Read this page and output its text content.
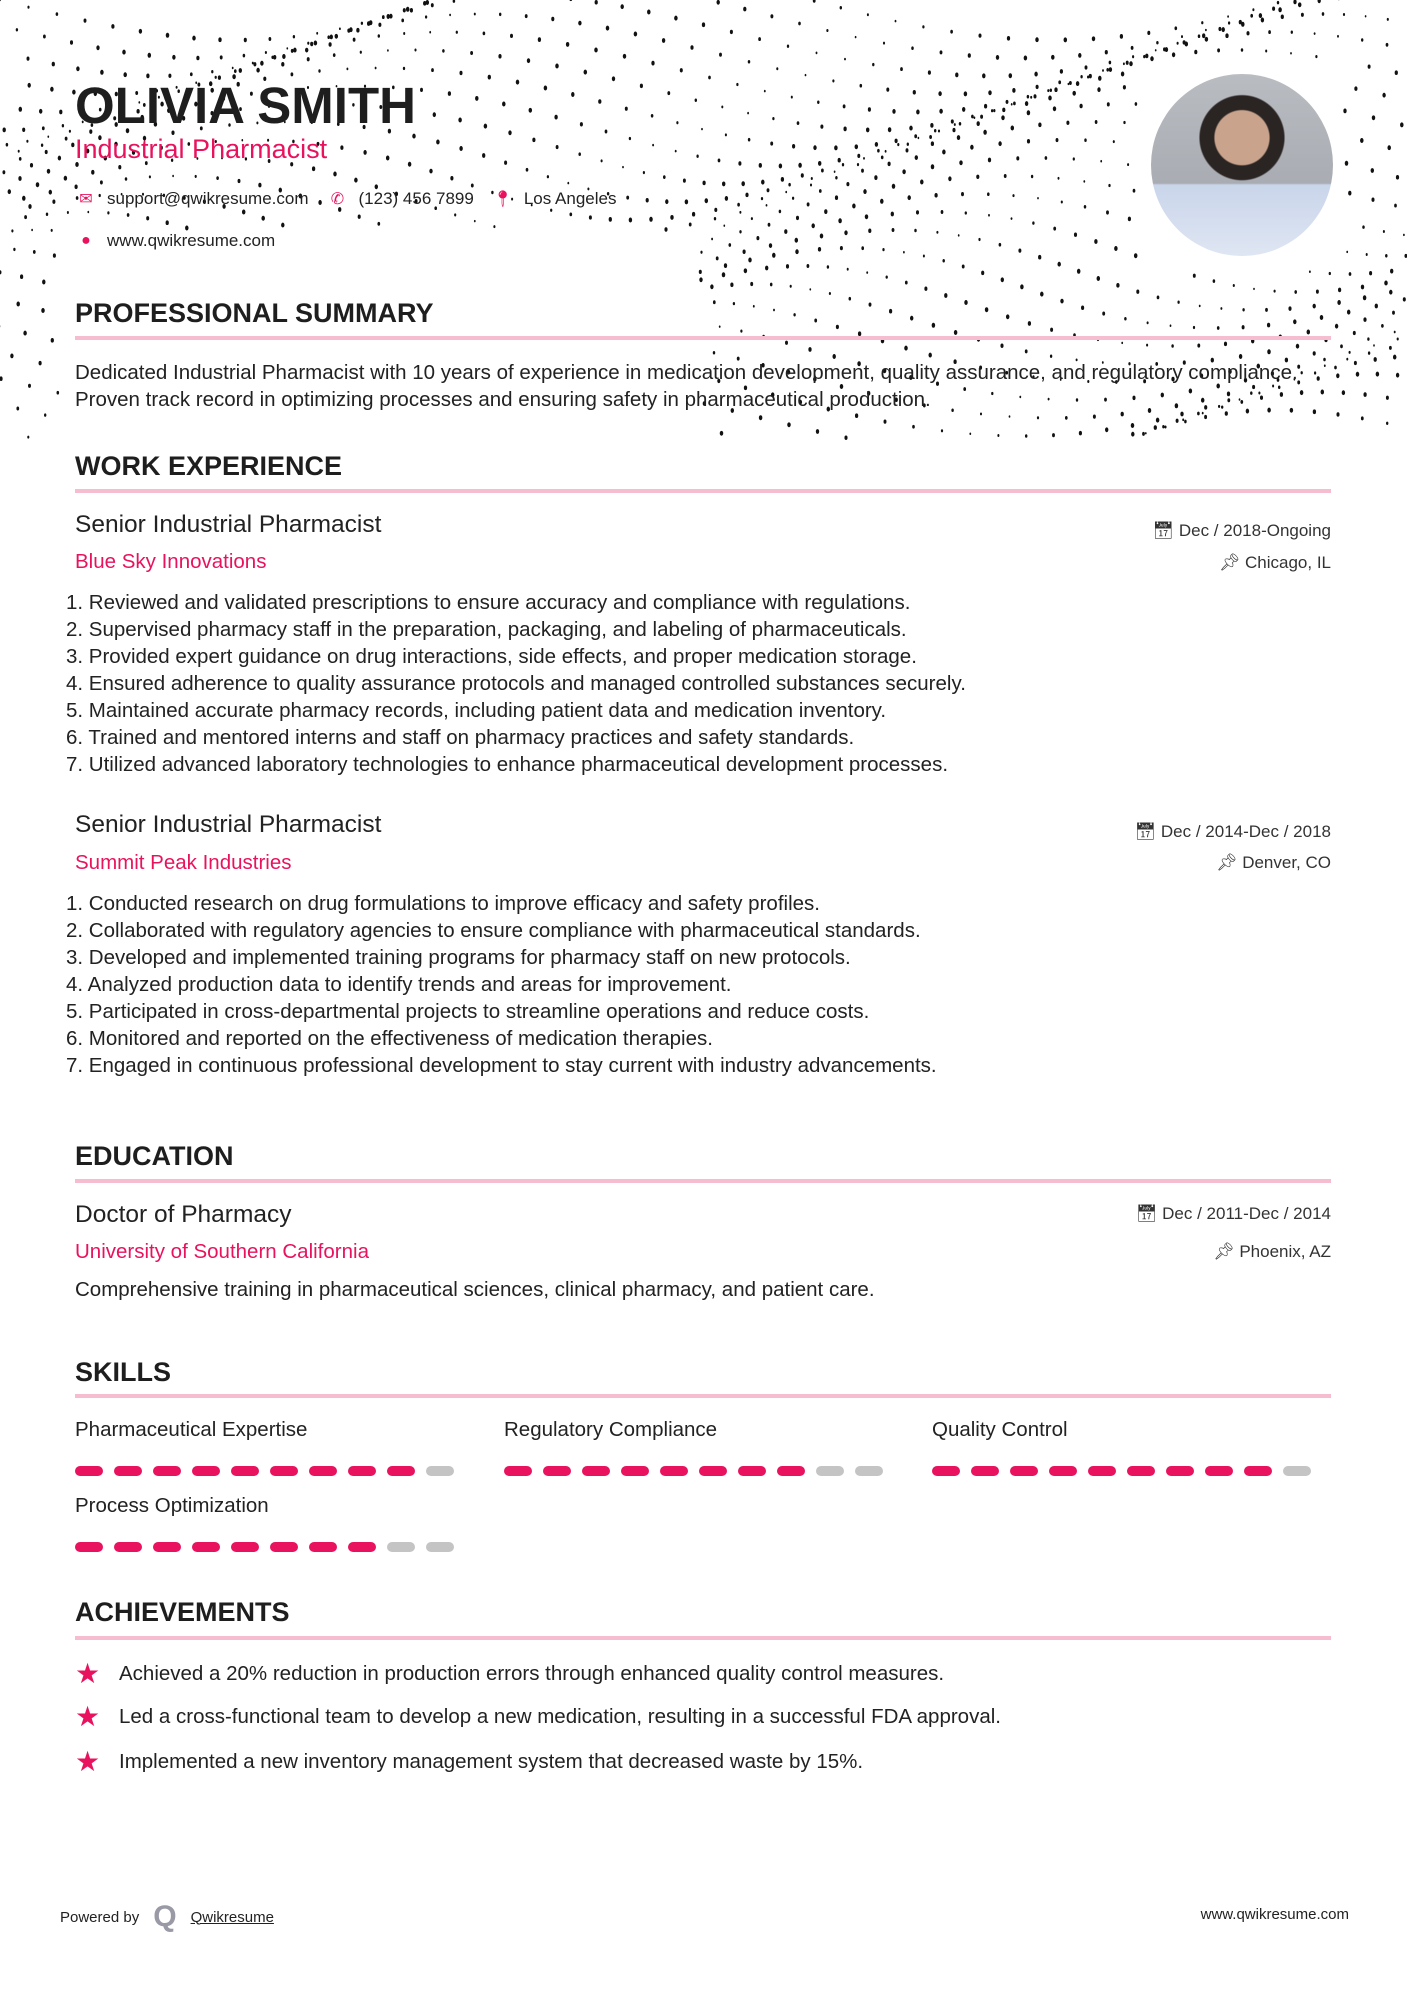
OLIVIA SMITH
Industrial Pharmacist
✉ support@qwikresume.com ✆ (123) 456 7899 📍︎ Los Angeles
● www.qwikresume.com
PROFESSIONAL SUMMARY
Dedicated Industrial Pharmacist with 10 years of experience in medication development, quality assurance, and regulatory compliance. Proven track record in optimizing processes and ensuring safety in pharmaceutical production.
WORK EXPERIENCE
Senior Industrial Pharmacist
Blue Sky Innovations
📅︎ Dec / 2018-Ongoing
📌︎ Chicago, IL
1. Reviewed and validated prescriptions to ensure accuracy and compliance with regulations.
2. Supervised pharmacy staff in the preparation, packaging, and labeling of pharmaceuticals.
3. Provided expert guidance on drug interactions, side effects, and proper medication storage.
4. Ensured adherence to quality assurance protocols and managed controlled substances securely.
5. Maintained accurate pharmacy records, including patient data and medication inventory.
6. Trained and mentored interns and staff on pharmacy practices and safety standards.
7. Utilized advanced laboratory technologies to enhance pharmaceutical development processes.
Senior Industrial Pharmacist
Summit Peak Industries
📅︎ Dec / 2014-Dec / 2018
📌︎ Denver, CO
1. Conducted research on drug formulations to improve efficacy and safety profiles.
2. Collaborated with regulatory agencies to ensure compliance with pharmaceutical standards.
3. Developed and implemented training programs for pharmacy staff on new protocols.
4. Analyzed production data to identify trends and areas for improvement.
5. Participated in cross-departmental projects to streamline operations and reduce costs.
6. Monitored and reported on the effectiveness of medication therapies.
7. Engaged in continuous professional development to stay current with industry advancements.
EDUCATION
Doctor of Pharmacy
University of Southern California
📅︎ Dec / 2011-Dec / 2014
📌︎ Phoenix, AZ
Comprehensive training in pharmaceutical sciences, clinical pharmacy, and patient care.
SKILLS
Pharmaceutical Expertise	Regulatory Compliance	Quality Control
Process Optimization
ACHIEVEMENTS
★ Achieved a 20% reduction in production errors through enhanced quality control measures.
★ Led a cross-functional team to develop a new medication, resulting in a successful FDA approval.
★ Implemented a new inventory management system that decreased waste by 15%.
Powered by Q Qwikresume	www.qwikresume.com
